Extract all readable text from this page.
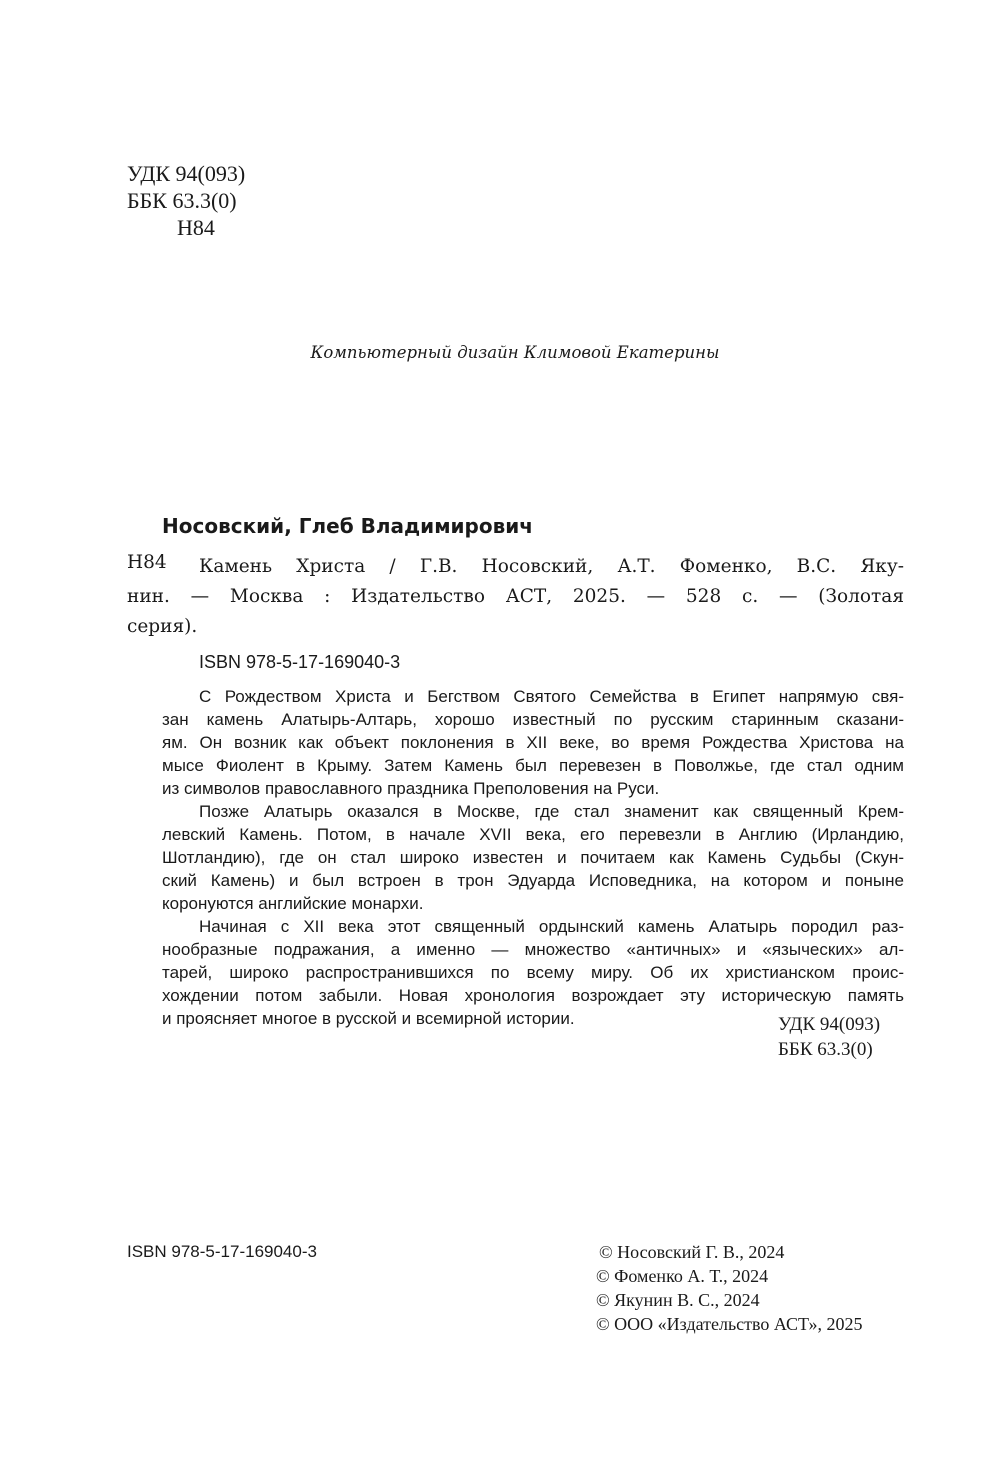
УДК 94(093)
ББК 63.3(0)
Н84
Компьютерный дизайн Климовой Екатерины
Носовский, Глеб Владимирович
Н84 Камень Христа / Г.В. Носовский, А.Т. Фоменко, В.С. Яку-
нин. — Москва : Издательство АСТ, 2025. — 528 с. — (Золотая
серия).
ISBN 978-5-17-169040-3

С Рождеством Христа и Бегством Святого Семейства в Египет напрямую свя-
зан камень Алатырь-Алтарь, хорошо известный по русским старинным сказани-
ям. Он возник как объект поклонения в XII веке, во время Рождества Христова на
мысе Фиолент в Крыму. Затем Камень был перевезен в Поволжье, где стал одним
из символов православного праздника Преполовения на Руси.

Позже Алатырь оказался в Москве, где стал знаменит как священный Крем-
левский Камень. Потом, в начале XVII века, его перевезли в Англию (Ирландию,
Шотландию), где он стал широко известен и почитаем как Камень Судьбы (Скун-
ский Камень) и был встроен в трон Эдуарда Исповедника, на котором и поныне
коронуются английские монархи.

Начиная с XII века этот священный ордынский камень Алатырь породил раз-
нообразные подражания, а именно — множество «античных» и «языческих» ал-
тарей, широко распространившихся по всему миру. Об их христианском проис-
хождении потом забыли. Новая хронология возрождает эту историческую память
и проясняет многое в русской и всемирной истории.	УДК 94(093)
ББК 63.3(0)
ISBN 978-5-17-169040-3	© Носовский Г. В., 2024
© Фоменко А. Т., 2024
© Якунин В. С., 2024
© ООО «Издательство АСТ», 2025
